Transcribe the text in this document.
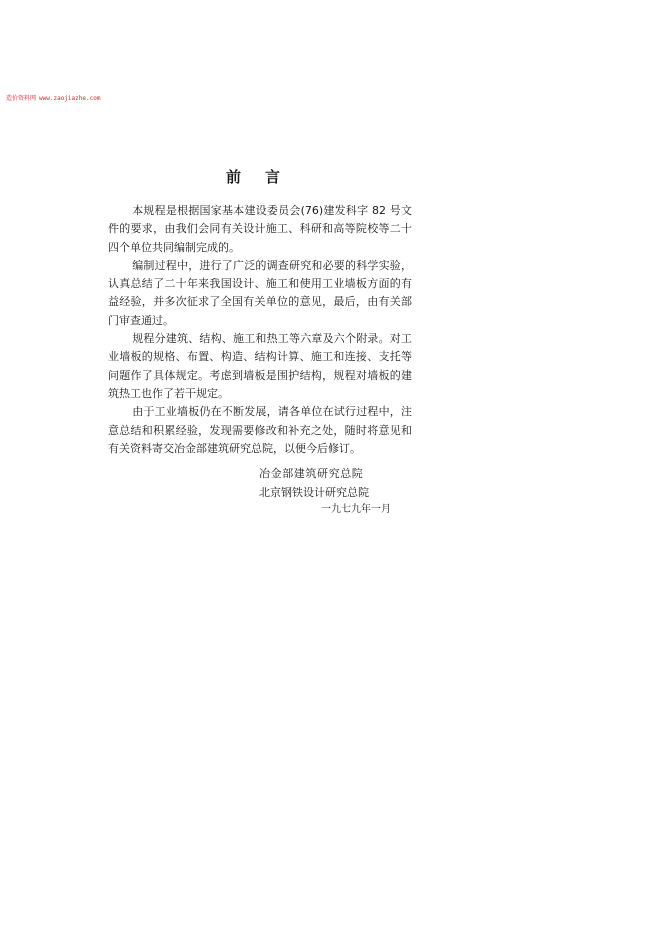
造价资料网 www.zaojiazhe.com
前言

本规程是根据国家基本建设委员会(76)建发科字 82 号文件的要求，由我们会同有关设计施工、科研和高等院校等二十四个单位共同编制完成的。

编制过程中，进行了广泛的调查研究和必要的科学实验，认真总结了二十年来我国设计、施工和使用工业墙板方面的有益经验，并多次征求了全国有关单位的意见，最后，由有关部门审查通过。

规程分建筑、结构、施工和热工等六章及六个附录。对工业墙板的规格、布置、构造、结构计算、施工和连接、支托等问题作了具体规定。考虑到墙板是围护结构，规程对墙板的建筑热工也作了若干规定。

由于工业墙板仍在不断发展，请各单位在试行过程中，注意总结和积累经验，发现需要修改和补充之处，随时将意见和有关资料寄交冶金部建筑研究总院，以便今后修订。

冶金部建筑研究总院
北京钢铁设计研究总院
一九七九年一月
